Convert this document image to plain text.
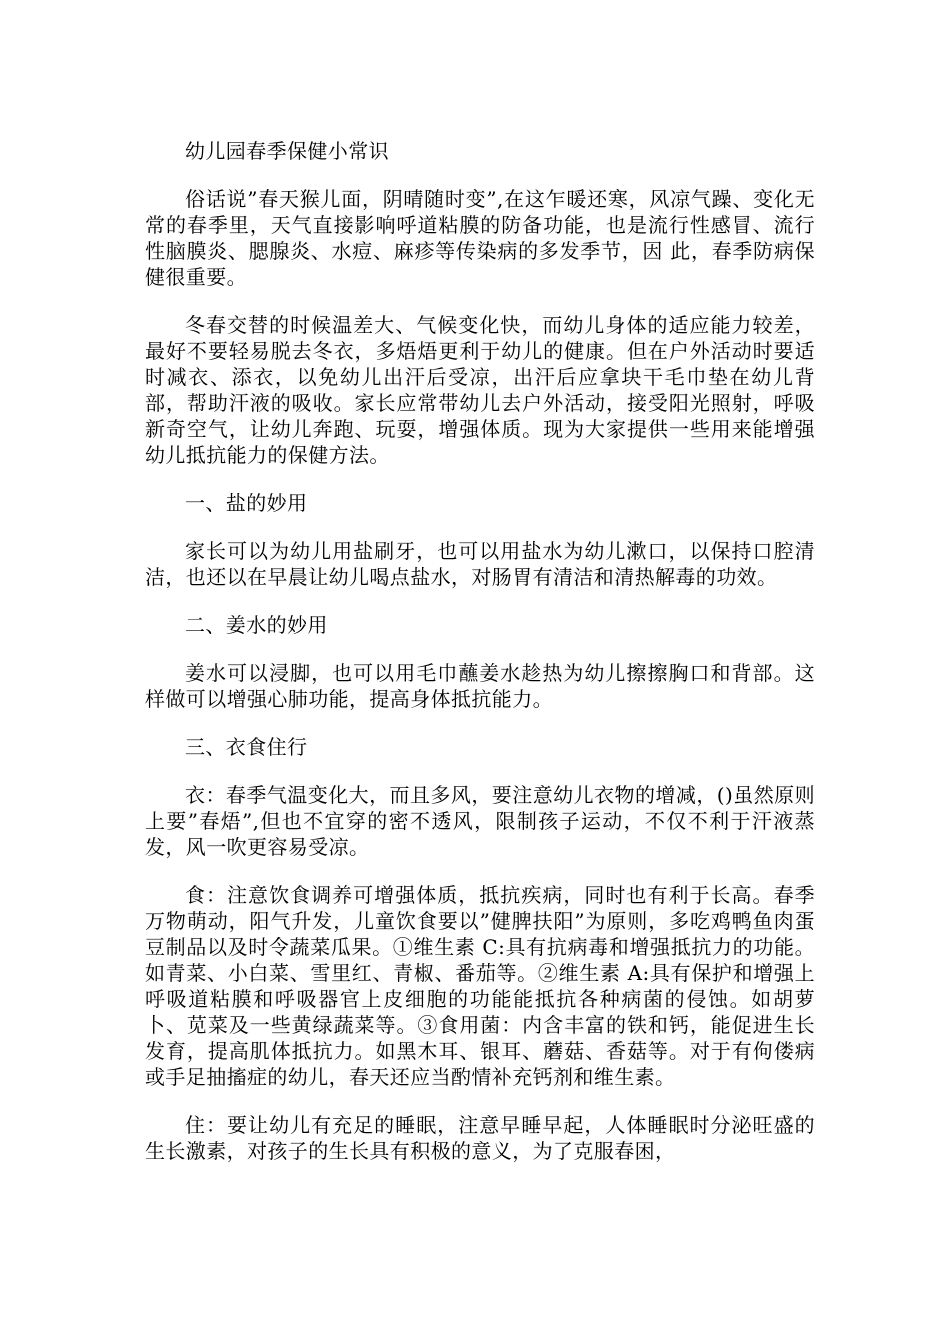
幼儿园春季保健小常识

俗话说”春天猴儿面，阴晴随时变”,在这乍暖还寒，风凉气躁、变化无常的春季里，天气直接影响呼道粘膜的防备功能，也是流行性感冒、流行性脑膜炎、腮腺炎、水痘、麻疹等传染病的多发季节，因 此，春季防病保健很重要。

冬春交替的时候温差大、气候变化快，而幼儿身体的适应能力较差，最好不要轻易脱去冬衣，多焐焐更利于幼儿的健康。但在户外活动时要适时减衣、添衣，以免幼儿出汗后受凉，出汗后应拿块干毛巾垫在幼儿背部，帮助汗液的吸收。家长应常带幼儿去户外活动，接受阳光照射，呼吸新奇空气，让幼儿奔跑、玩耍，增强体质。现为大家提供一些用来能增强幼儿抵抗能力的保健方法。

一、盐的妙用

家长可以为幼儿用盐刷牙，也可以用盐水为幼儿漱口，以保持口腔清洁，也还以在早晨让幼儿喝点盐水，对肠胃有清洁和清热解毒的功效。

二、姜水的妙用

姜水可以浸脚，也可以用毛巾蘸姜水趁热为幼儿擦擦胸口和背部。这样做可以增强心肺功能，提高身体抵抗能力。

三、衣食住行

衣：春季气温变化大，而且多风，要注意幼儿衣物的增减，()虽然原则上要”春焐”,但也不宜穿的密不透风，限制孩子运动，不仅不利于汗液蒸发，风一吹更容易受凉。

食：注意饮食调养可增强体质，抵抗疾病，同时也有利于长高。春季万物萌动，阳气升发，儿童饮食要以”健脾扶阳”为原则，多吃鸡鸭鱼肉蛋豆制品以及时令蔬菜瓜果。①维生素 C:具有抗病毒和增强抵抗力的功能。如青菜、小白菜、雪里红、青椒、番茄等。②维生素 A:具有保护和增强上呼吸道粘膜和呼吸器官上皮细胞的功能能抵抗各种病菌的侵蚀。如胡萝卜、苋菜及一些黄绿蔬菜等。③食用菌：内含丰富的铁和钙，能促进生长发育，提高肌体抵抗力。如黑木耳、银耳、蘑菇、香菇等。对于有佝偻病或手足抽搐症的幼儿，春天还应当酌情补充钙剂和维生素。

住：要让幼儿有充足的睡眠，注意早睡早起，人体睡眠时分泌旺盛的生长激素，对孩子的生长具有积极的意义，为了克服春困，
